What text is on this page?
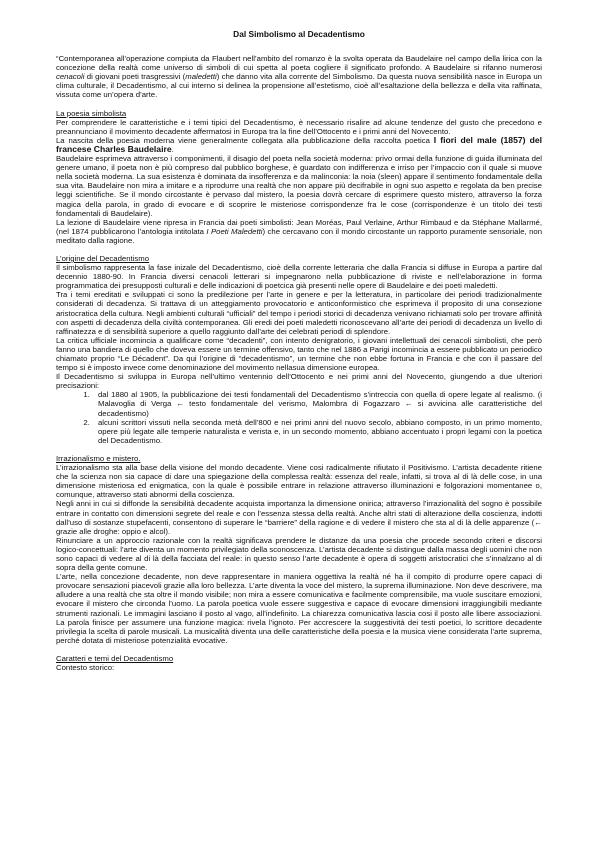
Dal Simbolismo al Decadentismo

“Contemporanea all’operazione compiuta da Flaubert nell’ambito del romanzo è la svolta operata da Baudelaire nel campo della lirica con la concezione della realtà come universo di simboli di cui spetta al poeta cogliere il significato profondo. A Baudelaire si rifanno numerosi cenacoli di giovani poeti trasgressivi (maledetti) che danno vita alla corrente del Simbolismo. Da questa nuova sensibilità nasce in Europa un clima culturale, il Decadentismo, al cui interno si delinea la propensione all’estetismo, cioè all’esaltazione della bellezza e della vita raffinata, vissuta come un’opera d’arte.

La poesia simbolista

Per comprendere le caratteristiche e i temi tipici del Decadentismo, è necessario risalire ad alcune tendenze del gusto che precedono e preannunciano il movimento decadente affermatosi in Europa tra la fine dell’Ottocento e i primi anni del Novecento.

La nascita della poesia moderna viene generalmente collegata alla pubblicazione della raccolta poetica I fiori del male (1857) del francese Charles Baudelaire.

Baudelaire esprimeva attraverso i componimenti, il disagio del poeta nella società moderna: privo ormai della funzione di guida illuminata del genere umano, il poeta non è più compreso dal pubblico borghese, è guardato con indifferenza e irriso per l’impaccio con il quale si muove nella società moderna. La sua esistenza è dominata da insofferenza e da malinconia: la noia (sleen) appare il sentimento fondamentale della sua vita. Baudelaire non mira a imitare e a riprodurre una realtà che non appare più decifrabile in ogni suo aspetto e regolata da ben precise leggi scientifiche. Se il mondo circostante è pervaso dal mistero, la poesia dovrà cercare di esprimere questo mistero, attraverso la forza magica della parola, in grado di evocare e di scoprire le misteriose corrispondenze fra le cose (corrispondenze è un titolo dei testi fondamentali di Baudelaire).

La lezione di Baudelaire viene ripresa in Francia dai poeti simbolisti: Jean Moréas, Paul Verlaine, Arthur Rimbaud e da Stéphane Mallarmé, (nel 1874 pubblicarono l’antologia intitolata I Poeti Maledetti) che cercavano con il mondo circostante un rapporto puramente sensoriale, non meditato dalla ragione.

L’origine del Decadentismo

Il simbolismo rappresenta la fase inizale del Decadentismo, cioè della corrente letteraria che dalla Francia si diffuse in Europa a partire dal decennio 1880-90. In Francia diversi cenacoli letterari si impegnarono nella pubblicazione di riviste e nell’elaborazione in forma programmatica dei presupposti culturali e delle indicazioni di poetcica già presenti nelle opere di Baudelaire e dei poeti maledetti.

Tra i temi ereditati e sviluppati ci sono la predilezione per l’arte in genere e per la letteratura, in particolare dei periodi tradizionalmente considerati di decadenza. Si trattava di un atteggiamento provocatorio e anticonformistico che esprimeva il proposito di una consezione aristocratica della cultura. Negli ambienti culturali “ufficiali” del tempo i periodi storici di decadenza venivano richiamati solo per trovare affinità con aspetti di decadenza della civiltà contemporanea. Gli eredi dei poeti maledetti riconoscevano all’arte dei periodi di decadenza un livello di raffinatezza e di sensibilità superiore a quello raggiunto dall’arte dei celebrati periodi di splendore.

La critica ufficiale incomincia a qualificare come “decadenti”, con intento denigratorio, i giovani intellettuali dei cenacoli simbolisti, che però fanno una bandiera di quello che doveva essere un termine offensivo, tanto che nel 1886 a Parigi incomincia a essere pubblicato un periodico chiamato proprio “Le Décadent”. Da qui l’origine di “decadentismo”, un termine che non ebbe fortuna in Francia e che con il passare del tempo si è imposto invece come denominazione del movimento nellasua dimensione europea.

Il Decadentismo si sviluppa in Europa nell’ultimo ventennio dell’Ottocento e nei primi anni del Novecento, giungendo a due ulteriori precisazioni:

1. dal 1880 al 1905, la pubblicazione dei testi fondamentali del Decadentismo s’intreccia con quella di opere legate al realismo. (i Malavoglia di Verga ← testo fondamentale del verismo, Malombra di Fogazzaro ← si avvicina alle caratteristiche del decadentismo)
2. alcuni scrittori vissuti nella seconda metà dell’800 e nei primi anni del nuovo secolo, abbiano composto, in un primo momento, opere più legate alle temperie naturalista e verista e, in un secondo momento, abbiano accentuato i propri legami con la poetica del Decadentismo.

Irrazionalismo e mistero.

L’irrazionalismo sta alla base della visione del mondo decadente. Viene cosi radicalmente rifiutato il Positivismo. L’artista decadente ritiene che la scienza non sia capace di dare una spiegazione della complessa realtà: essenza del reale, infatti, si trova al di là delle cose, in una dimensione misteriosa ed enigmatica, con la quale è possibile entrare in relazione attraverso illuminazioni e folgorazioni momentanee o, comunque, attraverso stati abnormi della coscienza.

Negli anni in cui si diffonde la sensibilità decadente acquista importanza la dimensione onirica; attraverso l’irrazionalità del sogno è possibile entrare in contatto con dimensioni segrete del reale e con l’essenza stessa della realtà. Anche altri stati di alterazione della coscienza, indotti dall’uso di sostanze stupefacenti, consentono di superare le “barriere” della ragione e di vedere il mistero che sta al di là delle apparenze (← grazie alle droghe: oppio e alcol).

Rinunciare a un approccio razionale con la realtà significava prendere le distanze da una poesia che procede secondo criteri e discorsi logico-concettuali: l’arte diventa un momento privilegiato della sconoscenza. L’artista decadente si distingue dalla massa degli uomini che non sono capaci di vedere al di là della facciata del reale: in questo senso l’arte decadente è opera di soggetti aristocratici che s’innalzano al di sopra della gente comune.

L’arte, nella concezione decadente, non deve rappresentare in maniera oggettiva la realtà né ha il compito di produrre opere capaci di provocare sensazioni piacevoli grazie alla loro bellezza. L’arte diventa la voce del mistero, la suprema illuminazione. Non deve descrivere, ma alludere a una realtà che sta oltre il mondo visibile; non mira a essere comunicativa e facilmente comprensibile, ma vuole suscitare emozioni, evocare il mistero che circonda l’uomo. La parola poetica vuole essere suggestiva e capace di evocare dimensioni irraggiungibili mediante strumenti razionali. Le immagini lasciano il posto al vago, all’indefinito. La chiarezza comunicativa lascia cosi il posto alle libere associazioni. La parola finisce per assumere una funzione magica: rivela l’ignoto. Per accrescere la suggestività dei testi poetici, lo scrittore decadente privilegia la scelta di parole musicali. La musicalità diventa una delle caratteristiche della poesia e la musica viene considerata l’arte suprema, perché dotata di misteriose potenzialità evocative.

Caratteri e temi del Decadentismo

Contesto storico:
